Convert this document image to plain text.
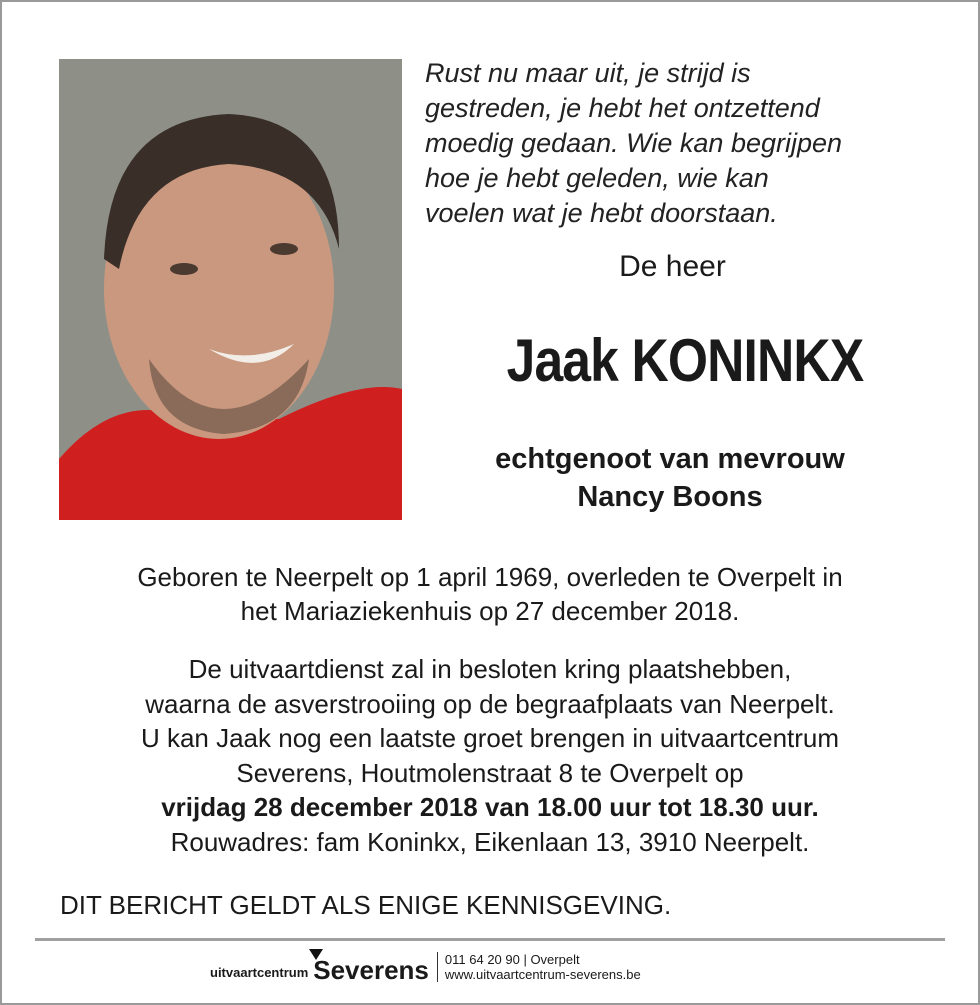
Rust nu maar uit, je strijd is
gestreden, je hebt het ontzettend
moedig gedaan. Wie kan begrijpen
hoe je hebt geleden, wie kan
voelen wat je hebt doorstaan.
De heer
Jaak KONINKX
echtgenoot van mevrouw
Nancy Boons
Geboren te Neerpelt op 1 april 1969, overleden te Overpelt in
het Mariaziekenhuis op 27 december 2018.
De uitvaartdienst zal in besloten kring plaatshebben,
waarna de asverstrooiing op de begraafplaats van Neerpelt.
U kan Jaak nog een laatste groet brengen in uitvaartcentrum
Severens, Houtmolenstraat 8 te Overpelt op
vrijdag 28 december 2018 van 18.00 uur tot 18.30 uur.
Rouwadres: fam Koninkx, Eikenlaan 13, 3910 Neerpelt.
DIT BERICHT GELDT ALS ENIGE KENNISGEVING.
uitvaartcentrum Severens 011 64 20 90 | Overpelt
www.uitvaartcentrum-severens.be
